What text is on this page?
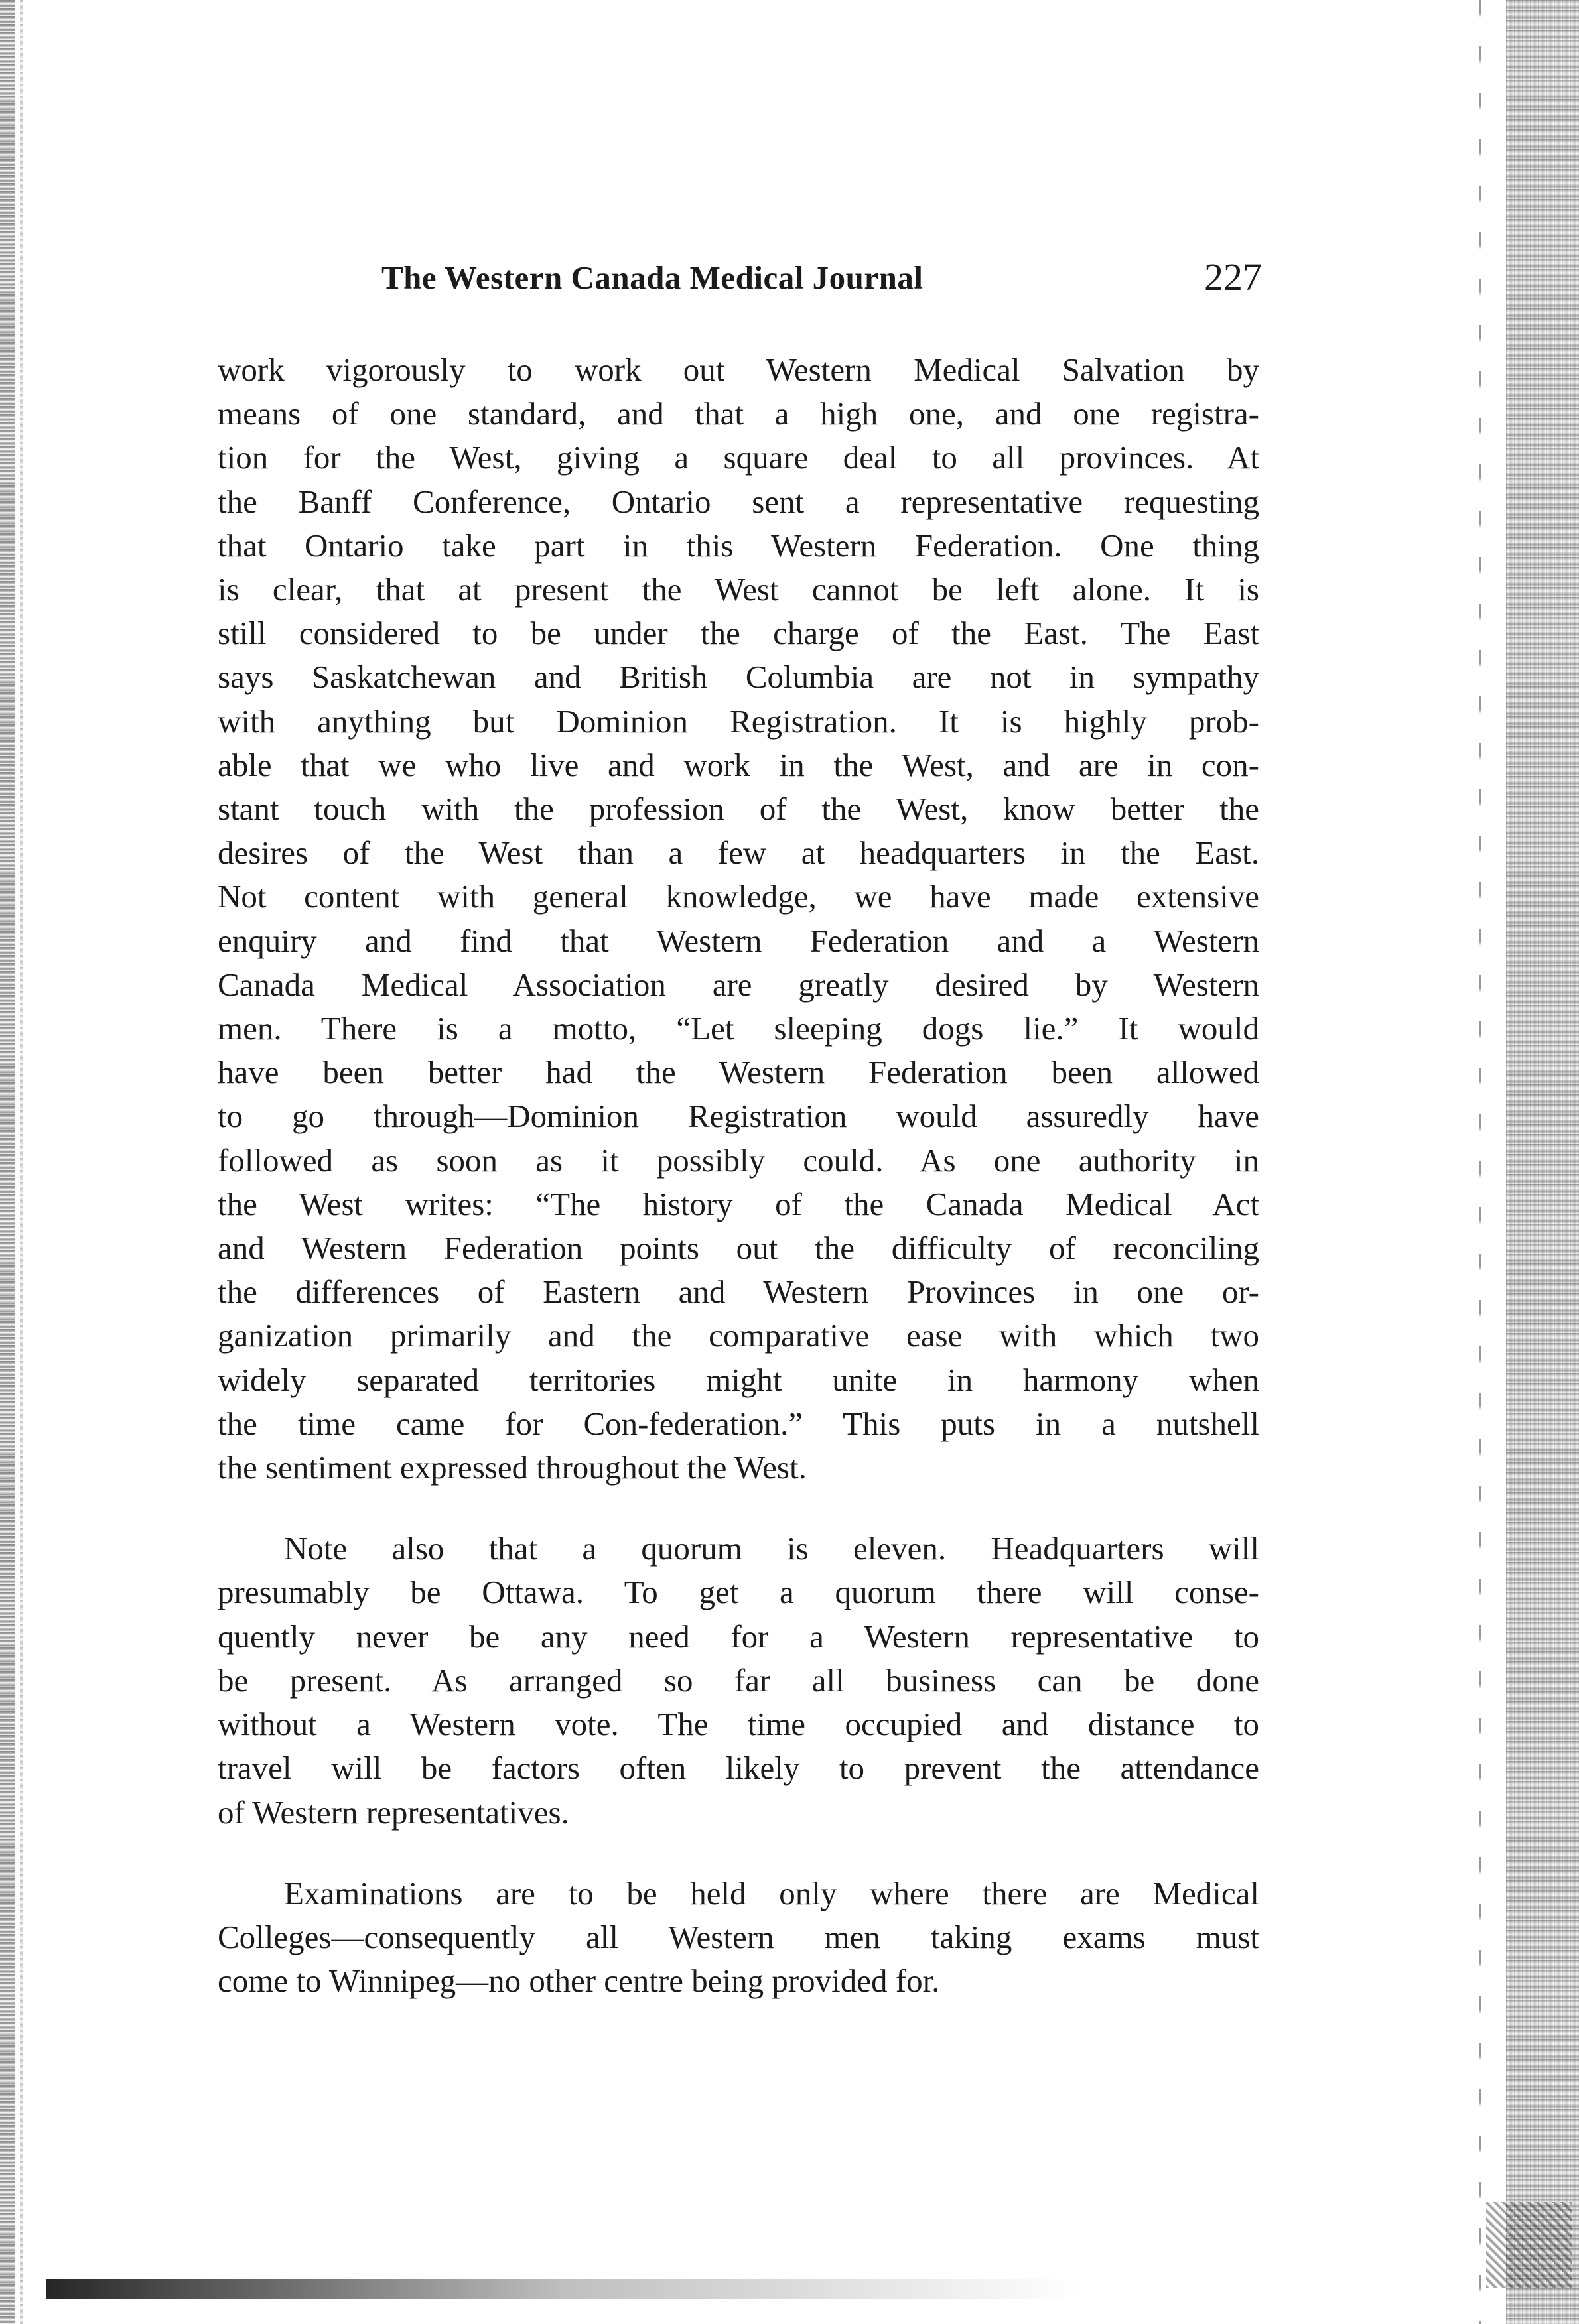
The Western Canada Medical Journal	227

work vigorously to work out Western Medical Salvation by
means of one standard, and that a high one, and one registra-
tion for the West, giving a square deal to all provinces. At
the Banff Conference, Ontario sent a representative requesting
that Ontario take part in this Western Federation. One thing
is clear, that at present the West cannot be left alone. It is
still considered to be under the charge of the East. The East
says Saskatchewan and British Columbia are not in sympathy
with anything but Dominion Registration. It is highly prob-
able that we who live and work in the West, and are in con-
stant touch with the profession of the West, know better the
desires of the West than a few at headquarters in the East.
Not content with general knowledge, we have made extensive
enquiry and find that Western Federation and a Western
Canada Medical Association are greatly desired by Western
men. There is a motto, “Let sleeping dogs lie.” It would
have been better had the Western Federation been allowed
to go through—Dominion Registration would assuredly have
followed as soon as it possibly could. As one authority in
the West writes: “The history of the Canada Medical Act
and Western Federation points out the difficulty of reconciling
the differences of Eastern and Western Provinces in one or-
ganization primarily and the comparative ease with which two
widely separated territories might unite in harmony when
the time came for Con-federation.” This puts in a nutshell
the sentiment expressed throughout the West.

Note also that a quorum is eleven. Headquarters will
presumably be Ottawa. To get a quorum there will conse-
quently never be any need for a Western representative to
be present. As arranged so far all business can be done
without a Western vote. The time occupied and distance to
travel will be factors often likely to prevent the attendance
of Western representatives.

Examinations are to be held only where there are Medical
Colleges—consequently all Western men taking exams must
come to Winnipeg—no other centre being provided for.
